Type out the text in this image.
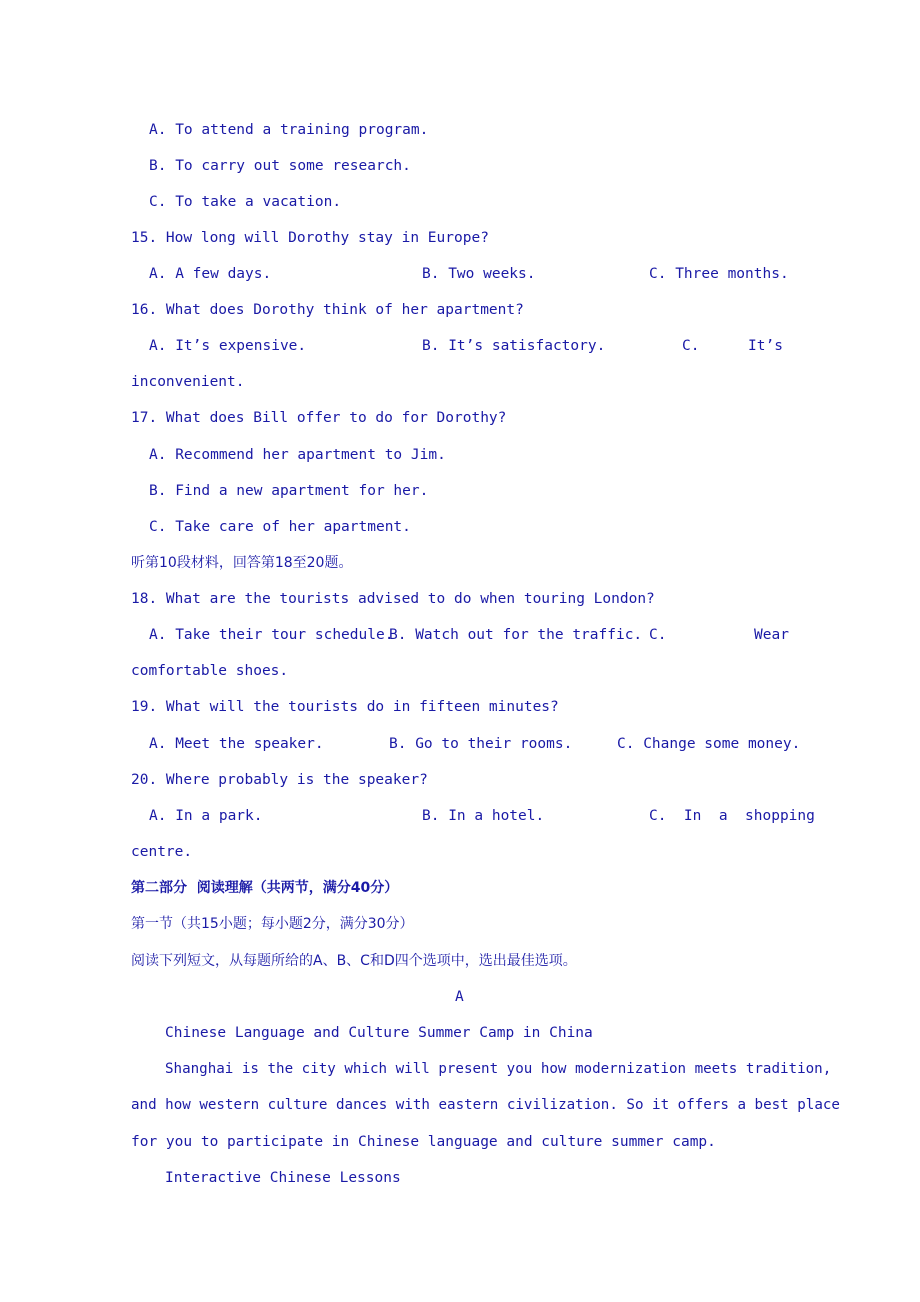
A. To attend a training program.
B. To carry out some research.
C. To take a vacation.
15. How long will Dorothy stay in Europe?
A. A few days.	B. Two weeks.	C. Three months.
16. What does Dorothy think of her apartment?
A. It’s expensive.	B. It’s satisfactory.	C.	It’s
inconvenient.
17. What does Bill offer to do for Dorothy?
A. Recommend her apartment to Jim.
B. Find a new apartment for her.
C. Take care of her apartment.
听第10段材料，回答第18至20题。
18. What are the tourists advised to do when touring London?
A. Take their tour schedule.
B. Watch out for the traffic. C.	Wear
comfortable shoes.
19. What will the tourists do in fifteen minutes?
A. Meet the speaker.	B. Go to their rooms.	C. Change some money.
20. Where probably is the speaker?
A. In a park.	B. In a hotel.	C.  In  a  shopping
centre.
第二部分  阅读理解（共两节，满分40分）
第一节（共15小题；每小题2分，满分30分）
阅读下列短文，从每题所给的A、B、C和D四个选项中，选出最佳选项。
A
Chinese Language and Culture Summer Camp in China
Shanghai is the city which will present you how modernization meets tradition,
and how western culture dances with eastern civilization. So it offers a best place
for you to participate in Chinese language and culture summer camp.
Interactive Chinese Lessons
